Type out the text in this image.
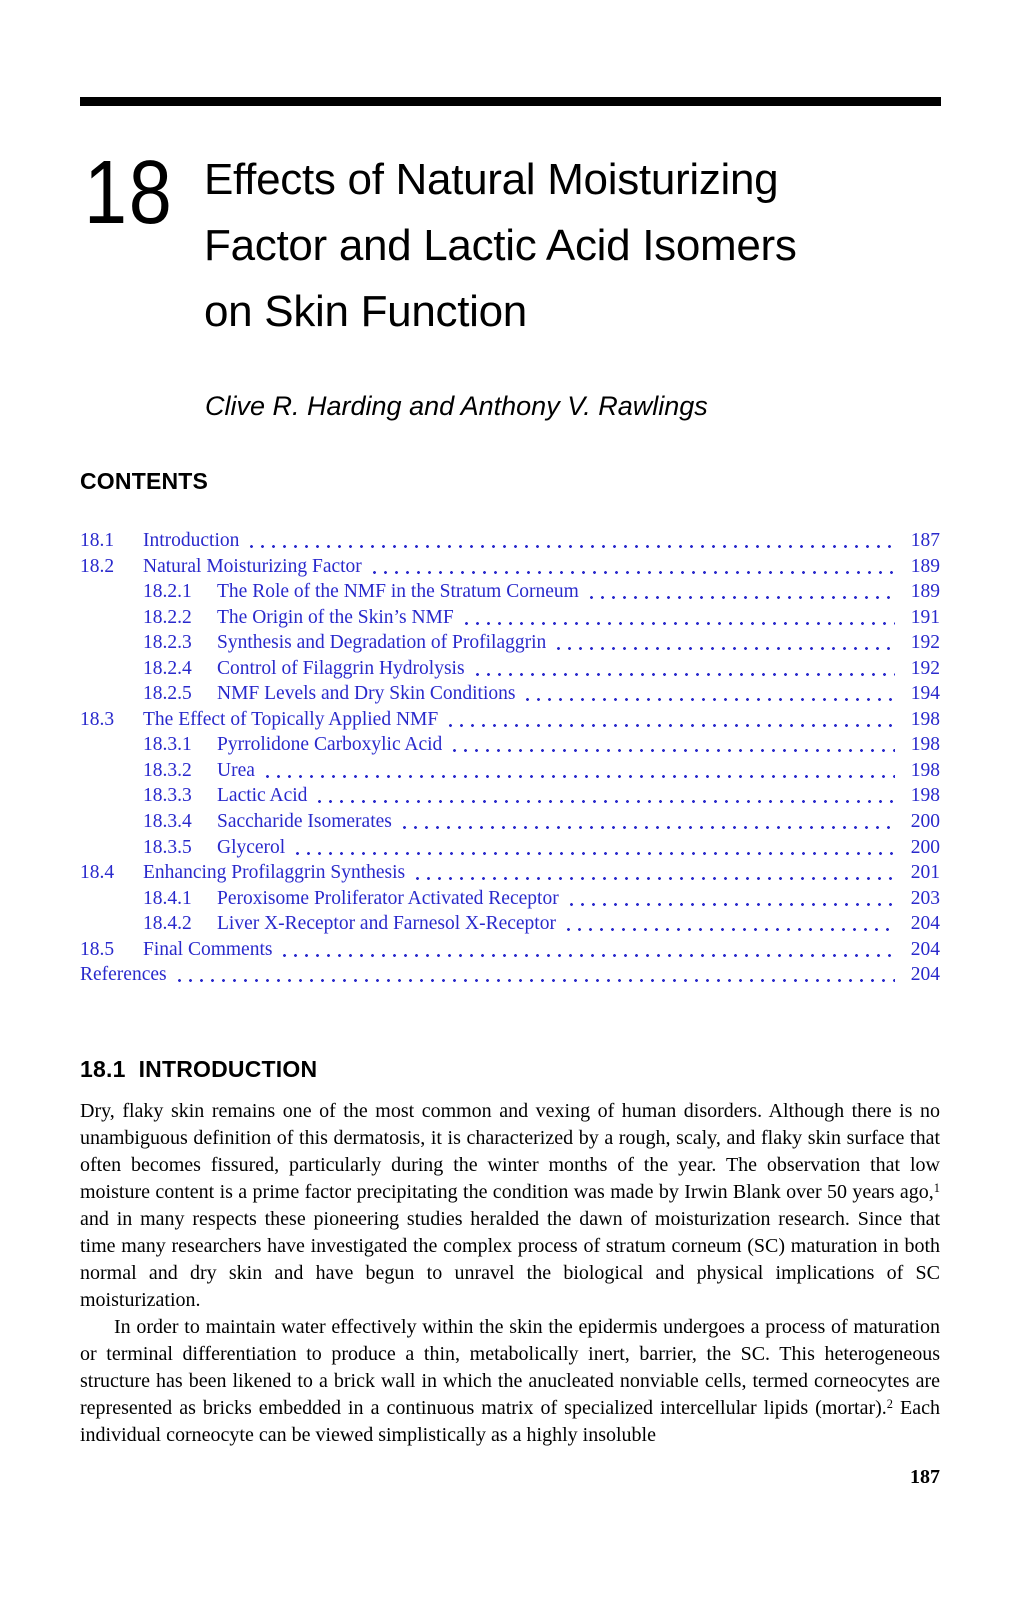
18 Effects of Natural Moisturizing
Factor and Lactic Acid Isomers
on Skin Function
Clive R. Harding and Anthony V. Rawlings
CONTENTS
18.1	Introduction	187
18.2	Natural Moisturizing Factor	189
18.2.1	The Role of the NMF in the Stratum Corneum	189
18.2.2	The Origin of the Skin’s NMF	191
18.2.3	Synthesis and Degradation of Profilaggrin	192
18.2.4	Control of Filaggrin Hydrolysis	192
18.2.5	NMF Levels and Dry Skin Conditions	194
18.3	The Effect of Topically Applied NMF	198
18.3.1	Pyrrolidone Carboxylic Acid	198
18.3.2	Urea	198
18.3.3	Lactic Acid	198
18.3.4	Saccharide Isomerates	200
18.3.5	Glycerol	200
18.4	Enhancing Profilaggrin Synthesis	201
18.4.1	Peroxisome Proliferator Activated Receptor	203
18.4.2	Liver X-Receptor and Farnesol X-Receptor	204
18.5	Final Comments	204
References	204
18.1 INTRODUCTION

Dry, flaky skin remains one of the most common and vexing of human disorders. Although there is no unambiguous definition of this dermatosis, it is characterized by a rough, scaly, and flaky skin surface that often becomes fissured, particularly during the winter months of the year. The observation that low moisture content is a prime factor precipitating the condition was made by Irwin Blank over 50 years ago,$^1$ and in many respects these pioneering studies heralded the dawn of moisturization research. Since that time many researchers have investigated the complex process of stratum corneum (SC) maturation in both normal and dry skin and have begun to unravel the biological and physical implications of SC moisturization.

In order to maintain water effectively within the skin the epidermis undergoes a process of maturation or terminal differentiation to produce a thin, metabolically inert, barrier, the SC. This heterogeneous structure has been likened to a brick wall in which the anucleated nonviable cells, termed corneocytes are represented as bricks embedded in a continuous matrix of specialized intercellular lipids (mortar).$^2$ Each individual corneocyte can be viewed simplistically as a highly insoluble

187
